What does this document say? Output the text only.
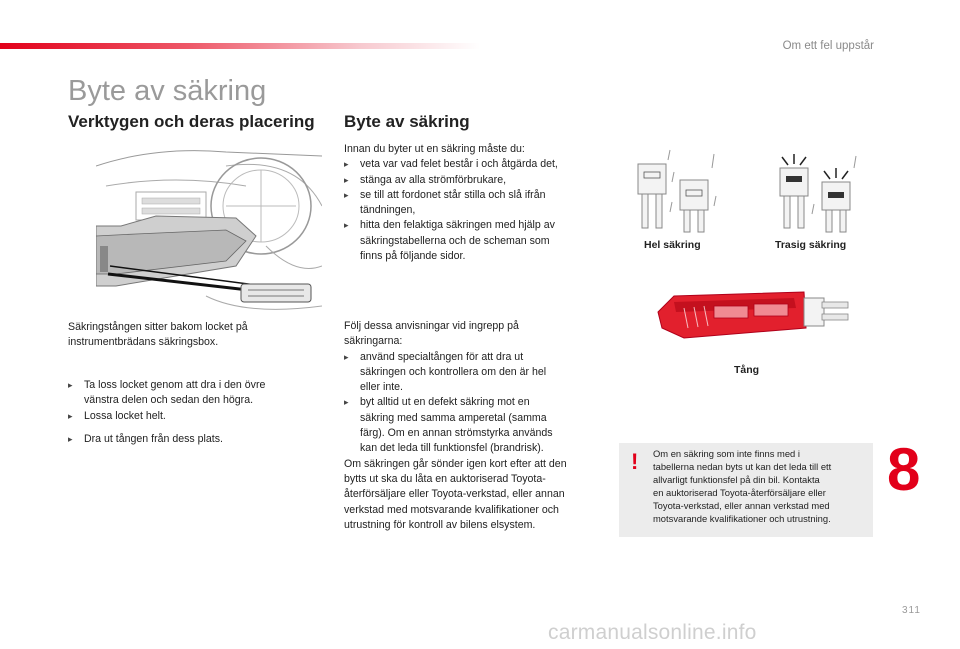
Om ett fel uppstår
Byte av säkring
Verktygen och deras placering
Säkringstången sitter bakom locket på
instrumentbrädans säkringsbox.
▸ Ta loss locket genom att dra i den övre
vänstra delen och sedan den högra.
▸ Lossa locket helt.
▸ Dra ut tången från dess plats.
Byte av säkring
Innan du byter ut en säkring måste du:
▸ veta var vad felet består i och åtgärda det,
▸ stänga av alla strömförbrukare,
▸ se till att fordonet står stilla och slå ifrån
tändningen,
▸ hitta den felaktiga säkringen med hjälp av
säkringstabellerna och de scheman som
finns på följande sidor.
Följ dessa anvisningar vid ingrepp på
säkringarna:
▸ använd specialtången för att dra ut
säkringen och kontrollera om den är hel
eller inte.
▸ byt alltid ut en defekt säkring mot en
säkring med samma amperetal (samma
färg). Om en annan strömstyrka används
kan det leda till funktionsfel (brandrisk).
Om säkringen går sönder igen kort efter att den
bytts ut ska du låta en auktoriserad Toyota-
återförsäljare eller Toyota-verkstad, eller annan
verkstad med motsvarande kvalifikationer och
utrustning för kontroll av bilens elsystem.
Hel säkring	Trasig säkring
Tång
! Om en säkring som inte finns med i
tabellerna nedan byts ut kan det leda till ett
allvarligt funktionsfel på din bil. Kontakta
en auktoriserad Toyota-återförsäljare eller
Toyota-verkstad, eller annan verkstad med
motsvarande kvalifikationer och utrustning.
8
311
carmanualsonline.info
